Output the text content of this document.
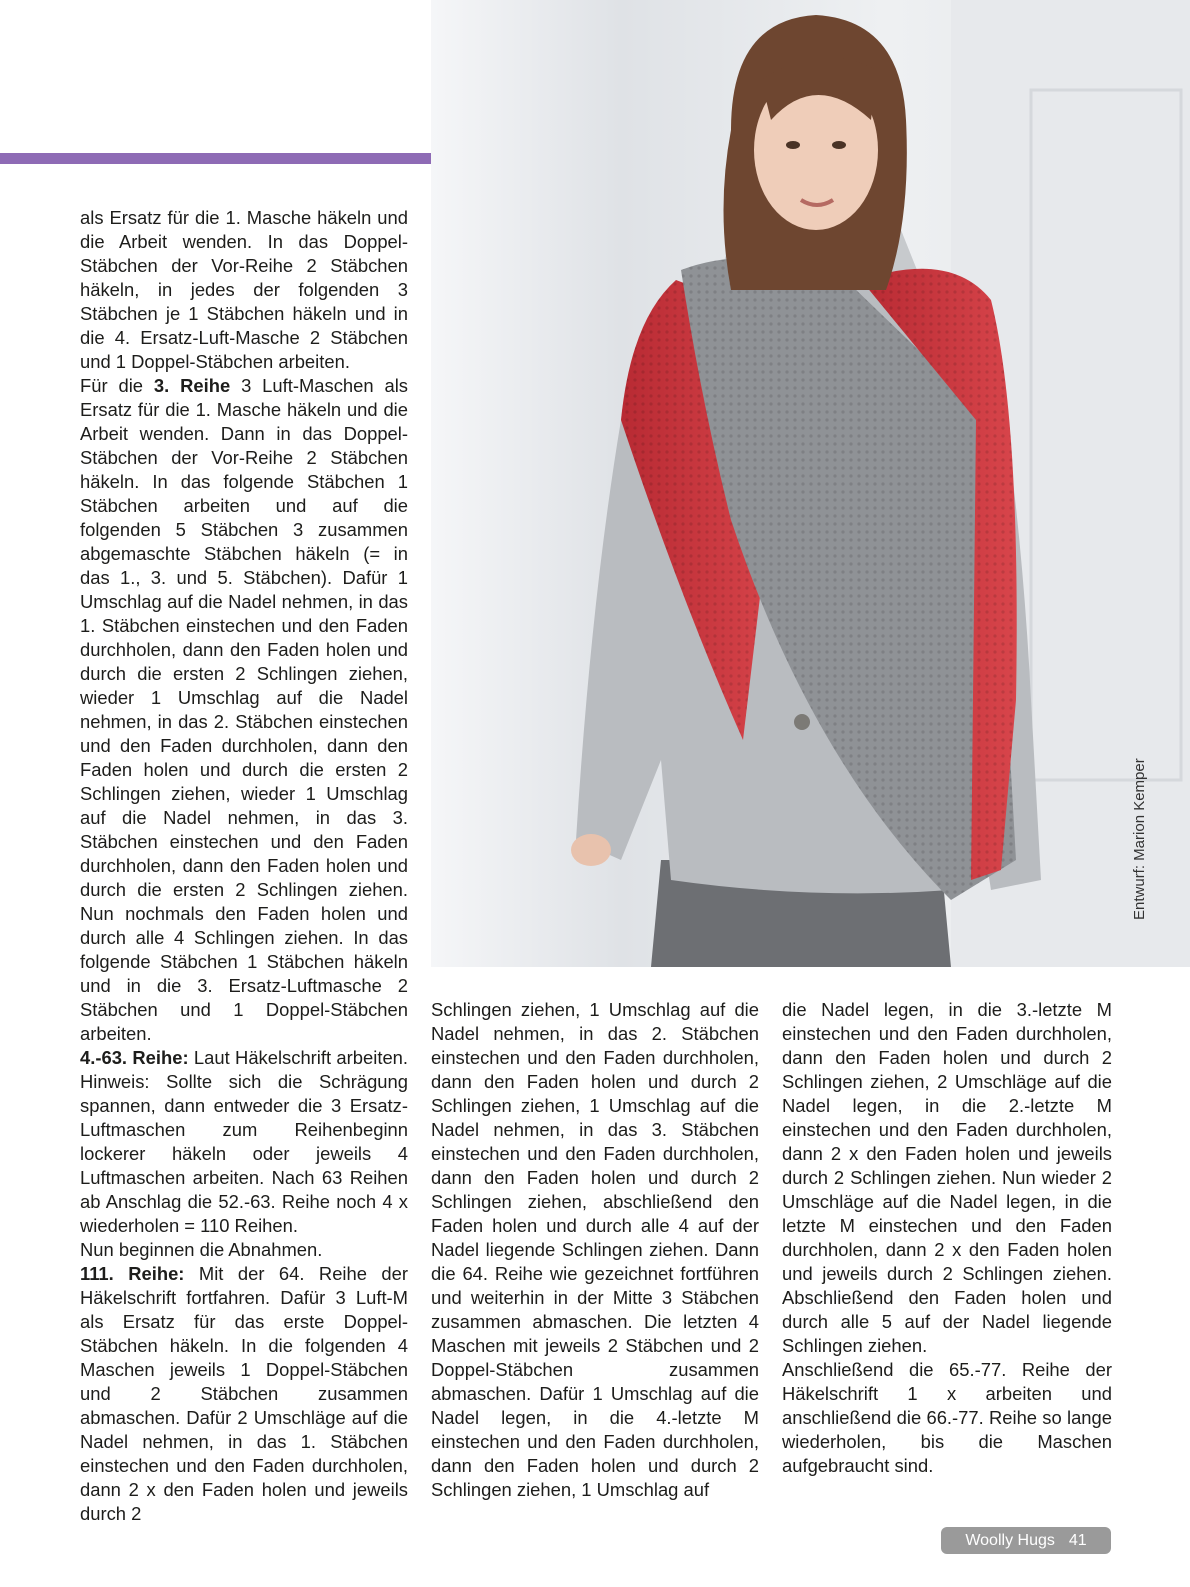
Entwurf: Marion Kemper

als Ersatz für die 1. Masche häkeln und die Arbeit wenden. In das Doppel-Stäbchen der Vor-Reihe 2 Stäbchen häkeln, in jedes der folgenden 3 Stäbchen je 1 Stäbchen häkeln und in die 4. Ersatz-Luft-Masche 2 Stäbchen und 1 Doppel-Stäbchen arbeiten.

Für die 3. Reihe 3 Luft-Maschen als Ersatz für die 1. Masche häkeln und die Arbeit wenden. Dann in das Doppel-Stäbchen der Vor-Reihe 2 Stäbchen häkeln. In das folgende Stäbchen 1 Stäbchen arbeiten und auf die folgenden 5 Stäbchen 3 zusammen abgemaschte Stäbchen häkeln (= in das 1., 3. und 5. Stäbchen). Dafür 1 Umschlag auf die Nadel nehmen, in das 1. Stäbchen einstechen und den Faden durchholen, dann den Faden holen und durch die ersten 2 Schlingen ziehen, wieder 1 Umschlag auf die Nadel nehmen, in das 2. Stäbchen einstechen und den Faden durchholen, dann den Faden holen und durch die ersten 2 Schlingen ziehen, wieder 1 Umschlag auf die Nadel nehmen, in das 3. Stäbchen einstechen und den Faden durchholen, dann den Faden holen und durch die ersten 2 Schlingen ziehen. Nun nochmals den Faden holen und durch alle 4 Schlingen ziehen. In das folgende Stäbchen 1 Stäbchen häkeln und in die 3. Ersatz-Luftmasche 2 Stäbchen und 1 Doppel-Stäbchen arbeiten.

4.-63. Reihe: Laut Häkelschrift arbeiten. Hinweis: Sollte sich die Schrägung spannen, dann entweder die 3 Ersatz-Luftmaschen zum Reihenbeginn lockerer häkeln oder jeweils 4 Luftmaschen arbeiten. Nach 63 Reihen ab Anschlag die 52.-63. Reihe noch 4 x wiederholen = 110 Reihen.

Nun beginnen die Abnahmen.

111. Reihe: Mit der 64. Reihe der Häkelschrift fortfahren. Dafür 3 Luft-M als Ersatz für das erste Doppel-Stäbchen häkeln. In die folgenden 4 Maschen jeweils 1 Doppel-Stäbchen und 2 Stäbchen zusammen abmaschen. Dafür 2 Umschläge auf die Nadel nehmen, in das 1. Stäbchen einstechen und den Faden durchholen, dann 2 x den Faden holen und jeweils durch 2

Schlingen ziehen, 1 Umschlag auf die Nadel nehmen, in das 2. Stäbchen einstechen und den Faden durchholen, dann den Faden holen und durch 2 Schlingen ziehen, 1 Umschlag auf die Nadel nehmen, in das 3. Stäbchen einstechen und den Faden durchholen, dann den Faden holen und durch 2 Schlingen ziehen, abschließend den Faden holen und durch alle 4 auf der Nadel liegende Schlingen ziehen. Dann die 64. Reihe wie gezeichnet fortführen und weiterhin in der Mitte 3 Stäbchen zusammen abmaschen. Die letzten 4 Maschen mit jeweils 2 Stäbchen und 2 Doppel-Stäbchen zusammen abmaschen. Dafür 1 Umschlag auf die Nadel legen, in die 4.-letzte M einstechen und den Faden durchholen, dann den Faden holen und durch 2 Schlingen ziehen, 1 Umschlag auf

die Nadel legen, in die 3.-letzte M einstechen und den Faden durchholen, dann den Faden holen und durch 2 Schlingen ziehen, 2 Umschläge auf die Nadel legen, in die 2.-letzte M einstechen und den Faden durchholen, dann 2 x den Faden holen und jeweils durch 2 Schlingen ziehen. Nun wieder 2 Umschläge auf die Nadel legen, in die letzte M einstechen und den Faden durchholen, dann 2 x den Faden holen und jeweils durch 2 Schlingen ziehen. Abschließend den Faden holen und durch alle 5 auf der Nadel liegende Schlingen ziehen.

Anschließend die 65.-77. Reihe der Häkelschrift 1 x arbeiten und anschließend die 66.-77. Reihe so lange wiederholen, bis die Maschen aufgebraucht sind.

Woolly Hugs 41
